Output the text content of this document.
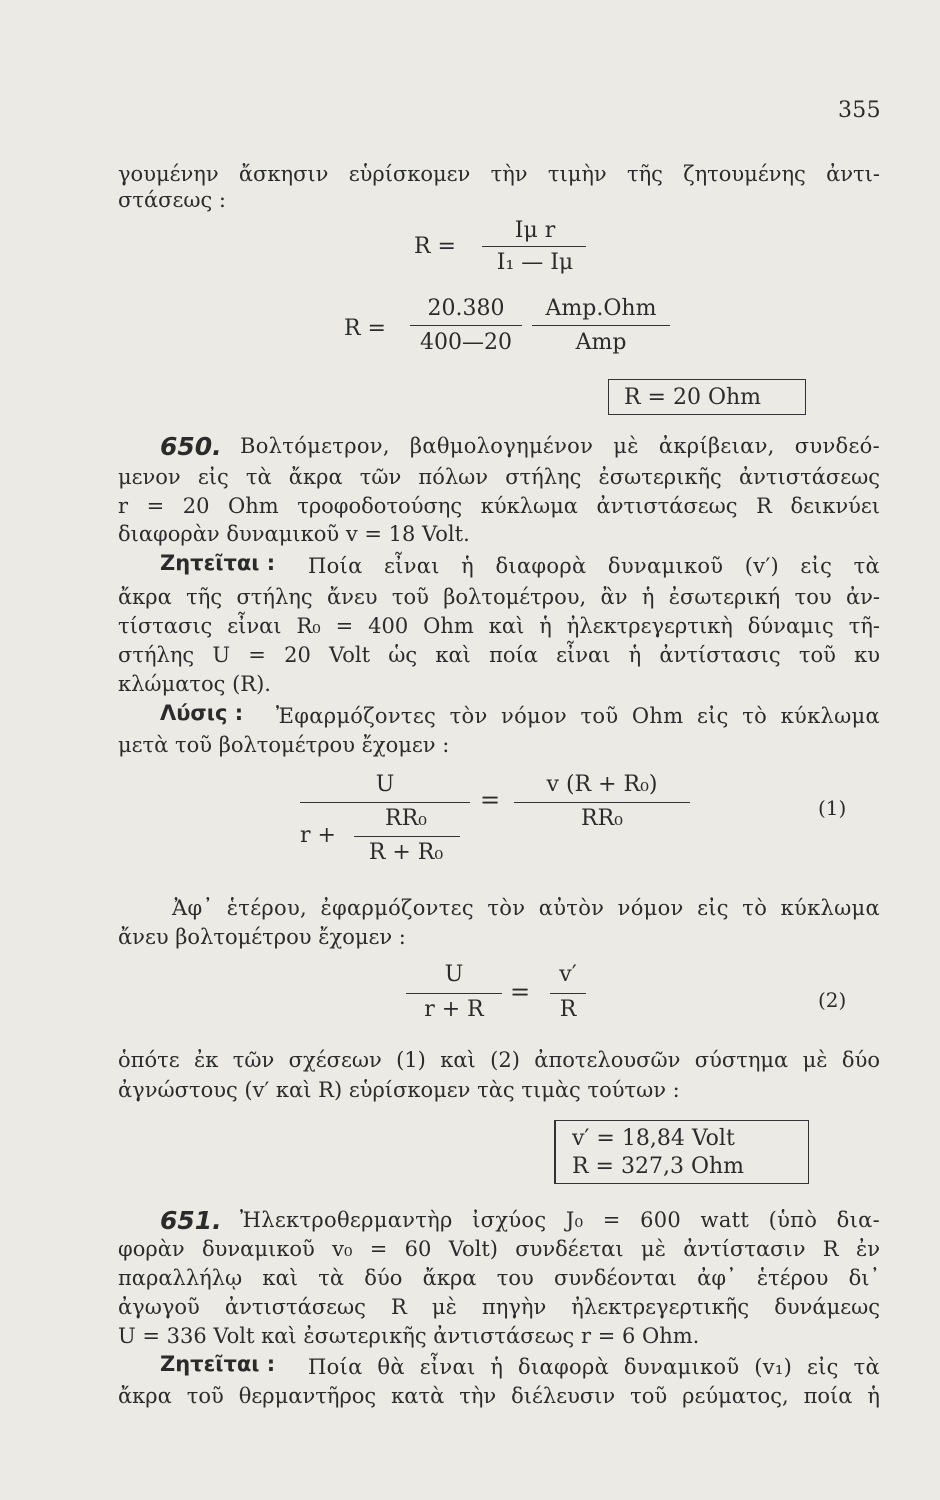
355
γουμένην ἄσκησιν εὑρίσκομεν τὴν τιμὴν τῆς ζητουμένης ἀντι-
στάσεως :
R =
Iμ r
I₁ — Iμ
R =
20.380
400—20
Amp.Ohm
Amp
R = 20 Ohm
650. Βολτόμετρον, βαθμολογημένον μὲ ἀκρίβειαν, συνδεό-
μενον εἰς τὰ ἄκρα τῶν πόλων στήλης ἐσωτερικῆς ἀντιστάσεως
r = 20 Ohm τροφοδοτούσης κύκλωμα ἀντιστάσεως R δεικνύει
διαφορὰν δυναμικοῦ v = 18 Volt.
Ζητεῖται : Ποία εἶναι ἡ διαφορὰ δυναμικοῦ (v′) εἰς τὰ
ἄκρα τῆς στήλης ἄνευ τοῦ βολτομέτρου, ἂν ἡ ἐσωτερική του ἀν-
τίστασις εἶναι R₀ = 400 Ohm καὶ ἡ ἠλεκτρεγερτικὴ δύναμις τῆ-
στήλης U = 20 Volt ὡς καὶ ποία εἶναι ἡ ἀντίστασις τοῦ κυ
κλώματος (R).
Λύσις : Ἐφαρμόζοντες τὸν νόμον τοῦ Ohm εἰς τὸ κύκλωμα
μετὰ τοῦ βολτομέτρου ἔχομεν :
U
r +
RR₀
R + R₀
=
v (R + R₀)
RR₀	(1)
Ἀφ᾿ ἑτέρου, ἐφαρμόζοντες τὸν αὐτὸν νόμον εἰς τὸ κύκλωμα
ἄνευ βολτομέτρου ἔχομεν :
U
r + R
=
v′
R	(2)
ὁπότε ἐκ τῶν σχέσεων (1) καὶ (2) ἀποτελουσῶν σύστημα μὲ δύο
ἀγνώστους (v′ καὶ R) εὑρίσκομεν τὰς τιμὰς τούτων :
v′ = 18,84 Volt
R = 327,3 Ohm
651. Ἠλεκτροθερμαντὴρ ἰσχύος J₀ = 600 watt (ὑπὸ δια-
φορὰν δυναμικοῦ v₀ = 60 Volt) συνδέεται μὲ ἀντίστασιν R ἐν
παραλλήλῳ καὶ τὰ δύο ἄκρα του συνδέονται ἀφ᾿ ἑτέρου δι᾿
ἀγωγοῦ ἀντιστάσεως R μὲ πηγὴν ἠλεκτρεγερτικῆς δυνάμεως
U = 336 Volt καὶ ἐσωτερικῆς ἀντιστάσεως r = 6 Ohm.
Ζητεῖται : Ποία θὰ εἶναι ἡ διαφορὰ δυναμικοῦ (v₁) εἰς τὰ
ἄκρα τοῦ θερμαντῆρος κατὰ τὴν διέλευσιν τοῦ ρεύματος, ποία ἡ
